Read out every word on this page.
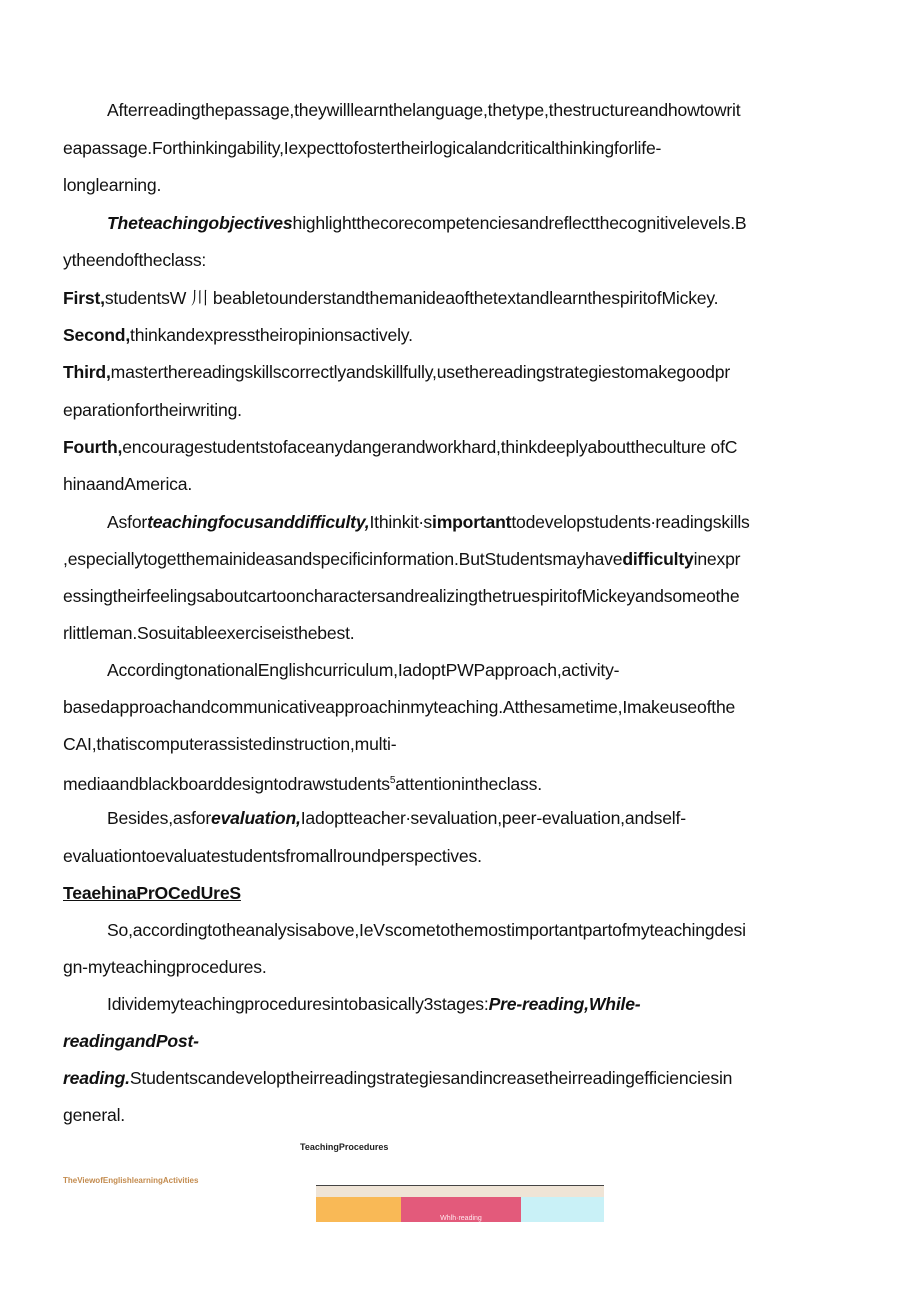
Afterreadingthepassage,theywilllearnthelanguage,thetype,thestructureandhowtowrit
eapassage.Forthinkingability,Iexpecttofostertheirlogicalandcriticalthinkingforlife-
longlearning.
Theteachingobjectiveshighlightthecorecompetenciesandreflectthecognitivelevels.B
ytheendoftheclass:
First,studentsW 川 beabletounderstandthemanideaofthetextandlearnthespiritofMickey.
Second,thinkandexpresstheiropinionsactively.
Third,masterthereadingskillscorrectlyandskillfully,usethereadingstrategiestomakegoodpr
eparationfortheirwriting.
Fourth,encouragestudentstofaceanydangerandworkhard,thinkdeeplyabouttheculture ofC
hinaandAmerica.
Asforteachingfocusanddifficulty,Ithinkit·simportanttodevelopstudents·readingskills
,especiallytogetthemainideasandspecificinformation.ButStudentsmayhavedifficultyinexpr
essingtheirfeelingsaboutcartooncharactersandrealizingthetruespiritofMickeyandsomeothe
rlittleman.Sosuitableexerciseisthebest.
AccordingtonationalEnglishcurriculum,IadoptPWPapproach,activity-
basedapproachandcommunicativeapproachinmyteaching.Atthesametime,Imakeuseofthe
CAI,thatiscomputerassistedinstruction,multi-
mediaandblackboarddesigntodrawstudents$^5$attentionintheclass.
Besides,asforevaluation,Iadoptteacher·sevaluation,peer-evaluation,andself-
evaluationtoevaluatestudentsfromallroundperspectives.
TeaehinaPrOCedUreS
So,accordingtotheanalysisabove,IeVscometothemostimportantpartofmyteachingdesi
gn-myteachingprocedures.
Idividemyteachingproceduresintobasically3stages:Pre-reading,While-
readingandPost-
reading.Studentscandeveloptheirreadingstrategiesandincreasetheirreadingefficienciesin
general.
TeachingProcedures
TheViewofEnglishlearningActivities
Whlh·reading
